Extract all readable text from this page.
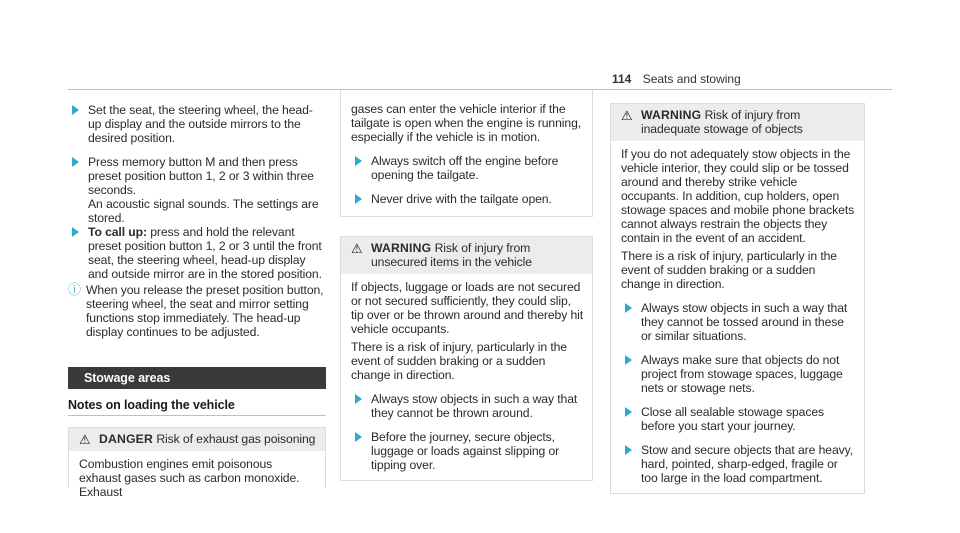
114 Seats and stowing
Set the seat, the steering wheel, the head-up display and the outside mirrors to the desired position.
Press memory button M and then press preset position button 1, 2 or 3 within three seconds.
An acoustic signal sounds. The settings are stored.
To call up: press and hold the relevant preset position button 1, 2 or 3 until the front seat, the steering wheel, head-up display and outside mirror are in the stored position.
ⓘ When you release the preset position button, steering wheel, the seat and mirror setting functions stop immediately. The head-up display continues to be adjusted.
Stowage areas
Notes on loading the vehicle
⚠ DANGER Risk of exhaust gas poisoning
Combustion engines emit poisonous exhaust gases such as carbon monoxide. Exhaust
gases can enter the vehicle interior if the tailgate is open when the engine is running, especially if the vehicle is in motion.
Always switch off the engine before opening the tailgate.
Never drive with the tailgate open.
⚠ WARNING Risk of injury from unsecured items in the vehicle

If objects, luggage or loads are not secured or not secured sufficiently, they could slip, tip over or be thrown around and thereby hit vehicle occupants.

There is a risk of injury, particularly in the event of sudden braking or a sudden change in direction.

Always stow objects in such a way that they cannot be thrown around.
Before the journey, secure objects, luggage or loads against slipping or tipping over.
⚠ WARNING Risk of injury from inadequate stowage of objects

If you do not adequately stow objects in the vehicle interior, they could slip or be tossed around and thereby strike vehicle occupants. In addition, cup holders, open stowage spaces and mobile phone brackets cannot always restrain the objects they contain in the event of an accident.

There is a risk of injury, particularly in the event of sudden braking or a sudden change in direction.

Always stow objects in such a way that they cannot be tossed around in these or similar situations.
Always make sure that objects do not project from stowage spaces, luggage nets or stowage nets.
Close all sealable stowage spaces before you start your journey.
Stow and secure objects that are heavy, hard, pointed, sharp-edged, fragile or too large in the load compartment.
